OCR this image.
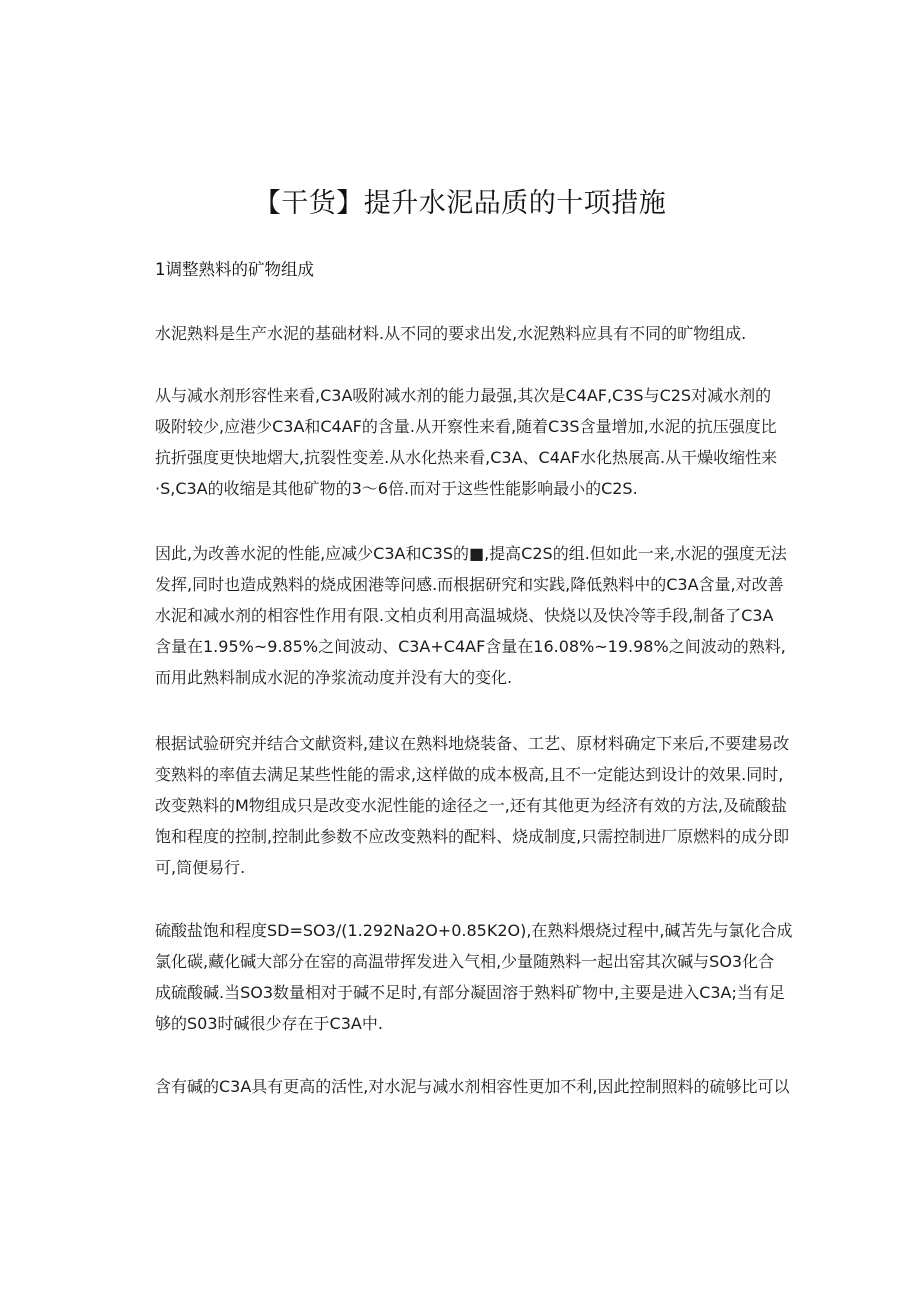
【干货】提升水泥品质的十项措施
1调整熟料的矿物组成

水泥熟料是生产水泥的基础材料.从不同的要求出发,水泥熟料应具有不同的旷物组成.

从与减水剂形容性来看,C3A吸附减水剂的能力最强,其次是C4AF,C3S与C2S对减水剂的
吸附较少,应港少C3A和C4AF的含量.从开察性来看,随着C3S含量增加,水泥的抗压强度比
抗折强度更快地熠大,抗裂性变差.从水化热来看,C3A、C4AF水化热展高.从干燥收缩性来
·S,C3A的收缩是其他矿物的3～6倍.而对于这些性能影响最小的C2S.

因此,为改善水泥的性能,应减少C3A和C3S的■,提高C2S的组.但如此一来,水泥的强度无法
发挥,同时也造成熟料的烧成困港等问感.而根据研究和实践,降低熟料中的C3A含量,对改善
水泥和减水剂的相容性作用有限.文柏贞利用高温城烧、快烧以及快冷等手段,制备了C3A
含量在1.95%~9.85%之间波动、C3A+C4AF含量在16.08%~19.98%之间波动的熟料,
而用此熟料制成水泥的净浆流动度并没有大的变化.

根据试验研究并结合文献资料,建议在熟料地烧装备、工艺、原材料确定下来后,不要建易改
变熟料的率值去满足某些性能的需求,这样做的成本极高,且不一定能达到设计的效果.同时,
改变熟料的M物组成只是改变水泥性能的途径之一,还有其他更为经济有效的方法,及硫酸盐
饱和程度的控制,控制此参数不应改变熟料的配料、烧成制度,只需控制进厂原燃料的成分即
可,筒便易行.

硫酸盐饱和程度SD=SO3/(1.292Na2O+0.85K2O),在熟料煨烧过程中,碱苫先与氯化合成
氯化碳,藏化碱大部分在窑的高温带挥发进入气相,少量随熟料一起出窑其次碱与SO3化合
成硫酸碱.当SO3数量相对于碱不足时,有部分凝固溶于熟料矿物中,主要是进入C3A;当有足
够的S03时碱很少存在于C3A中.

含有碱的C3A具有更高的活性,对水泥与减水剂相容性更加不利,因此控制照料的硫够比可以
